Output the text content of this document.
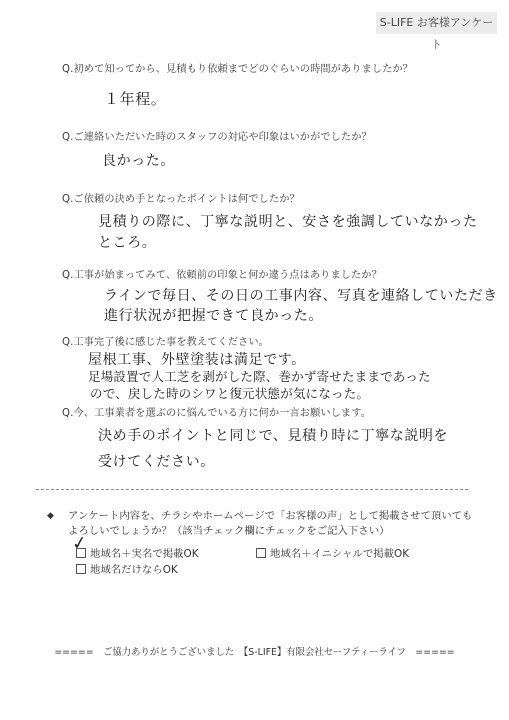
S-LIFE お客様アンケート
Q.初めて知ってから、見積もり依頼までどのぐらいの時間がありましたか？
１年程。
Q.ご連絡いただいた時のスタッフの対応や印象はいかがでしたか？
良かった。
Q.ご依頼の決め手となったポイントは何でしたか？
見積りの際に、丁寧な説明と、安さを強調していなかった
ところ。
Q.工事が始まってみて、依頼前の印象と何か違う点はありましたか？
ラインで毎日、その日の工事内容、写真を連絡していただき
進行状況が把握できて良かった。
Q.工事完了後に感じた事を教えてください。
屋根工事、外壁塗装は満足です。
足場設置で人工芝を剥がした際、巻かず寄せたままであった
ので、戻した時のシワと復元状態が気になった。
Q.今、工事業者を選ぶのに悩んでいる方に何か一言お願いします。
決め手のポイントと同じで、見積り時に丁寧な説明を
受けてください。
◆ アンケート内容を、チラシやホームページで「お客様の声」として掲載させて頂いても
よろしいでしょうか？（該当チェック欄にチェックをご記入下さい）
地域名＋実名で掲載OK
✓	地域名＋イニシャルで掲載OK
地域名だけならOK
=====　ご協力ありがとうございました　【S-LIFE】有限会社セーフティーライフ　=====
